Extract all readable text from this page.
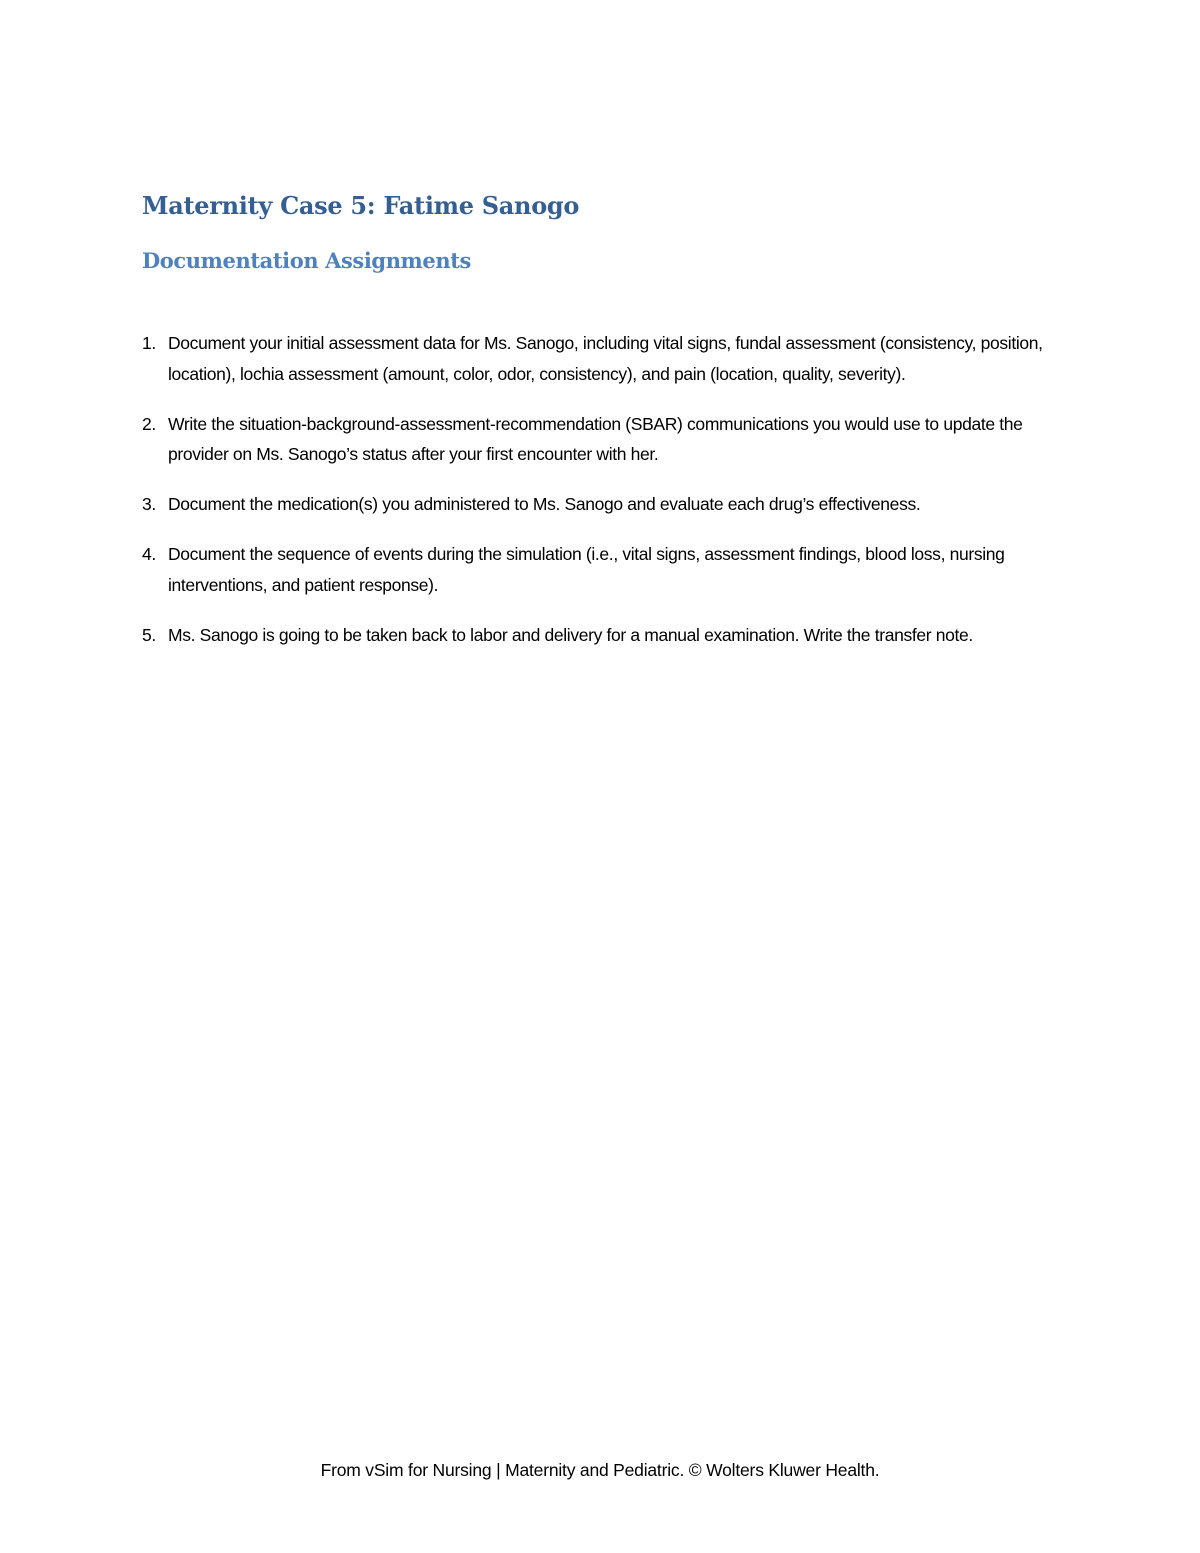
Maternity Case 5: Fatime Sanogo
Documentation Assignments
1. Document your initial assessment data for Ms. Sanogo, including vital signs, fundal assessment (consistency, position, location), lochia assessment (amount, color, odor, consistency), and pain (location, quality, severity).
2. Write the situation-background-assessment-recommendation (SBAR) communications you would use to update the provider on Ms. Sanogo’s status after your first encounter with her.
3. Document the medication(s) you administered to Ms. Sanogo and evaluate each drug’s effectiveness.
4. Document the sequence of events during the simulation (i.e., vital signs, assessment findings, blood loss, nursing interventions, and patient response).
5. Ms. Sanogo is going to be taken back to labor and delivery for a manual examination. Write the transfer note.
From vSim for Nursing | Maternity and Pediatric. © Wolters Kluwer Health.
